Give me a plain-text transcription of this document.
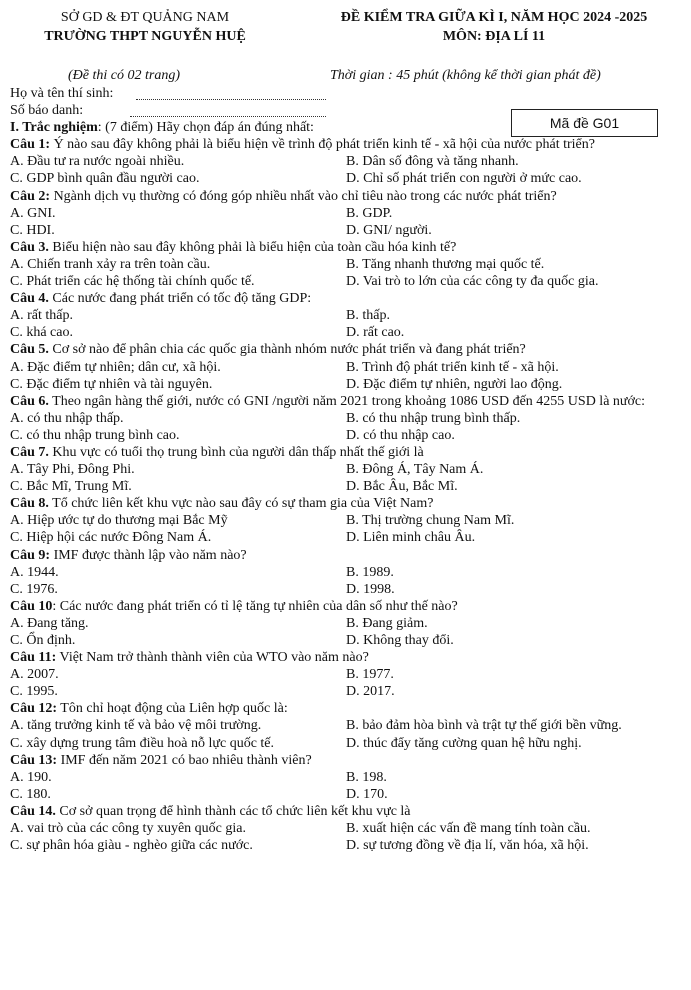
SỞ GD & ĐT QUẢNG NAM
TRƯỜNG THPT NGUYỄN HUỆ
ĐỀ KIỂM TRA GIỮA KÌ I, NĂM HỌC 2024 -2025
MÔN: ĐỊA LÍ 11
(Đề thi có 02 trang)	Thời gian : 45 phút (không kể thời gian phát đề)
Mã đề G01
Họ và tên thí sinh:
Số báo danh:
I. Trắc nghiệm: (7 điểm) Hãy chọn đáp án đúng nhất:
Câu 1: Ý nào sau đây không phải là biểu hiện về trình độ phát triển kinh tế - xã hội của nước phát triển?
A. Đầu tư ra nước ngoài nhiều.	B. Dân số đông và tăng nhanh.
C. GDP bình quân đầu người cao.	D. Chỉ số phát triển con người ở mức cao.
Câu 2: Ngành dịch vụ thường có đóng góp nhiều nhất vào chỉ tiêu nào trong các nước phát triển?
A. GNI.	B. GDP.
C. HDI.	D. GNI/ người.
Câu 3. Biểu hiện nào sau đây không phải là biểu hiện của toàn cầu hóa kinh tế?
A. Chiến tranh xảy ra trên toàn cầu.	B. Tăng nhanh thương mại quốc tế.
C. Phát triển các hệ thống tài chính quốc tế.	D. Vai trò to lớn của các công ty đa quốc gia.
Câu 4. Các nước đang phát triển có tốc độ tăng GDP:
A. rất thấp.	B. thấp.
C. khá cao.	D. rất cao.
Câu 5. Cơ sở nào để phân chia các quốc gia thành nhóm nước phát triển và đang phát triển?
A. Đặc điểm tự nhiên; dân cư, xã hội.	B. Trình độ phát triển kinh tế - xã hội.
C. Đặc điểm tự nhiên và tài nguyên.	D. Đặc điểm tự nhiên, người lao động.
Câu 6. Theo ngân hàng thế giới, nước có GNI /người năm 2021 trong khoảng 1086 USD đến 4255 USD là nước:
A. có thu nhập thấp.	B. có thu nhập trung bình thấp.
C. có thu nhập trung bình cao.	D. có thu nhập cao.
Câu 7. Khu vực có tuổi thọ trung bình của người dân thấp nhất thế giới là
A. Tây Phi, Đông Phi.	B. Đông Á, Tây Nam Á.
C. Bắc Mĩ, Trung Mĩ.	D. Bắc Âu, Bắc Mĩ.
Câu 8. Tổ chức liên kết khu vực nào sau đây có sự tham gia của Việt Nam?
A. Hiệp ước tự do thương mại Bắc Mỹ	B. Thị trường chung Nam Mĩ.
C. Hiệp hội các nước Đông Nam Á.	D. Liên minh châu Âu.
Câu 9: IMF được thành lập vào năm nào?
A. 1944.	B. 1989.
C. 1976.	D. 1998.
Câu 10: Các nước đang phát triển có tỉ lệ tăng tự nhiên của dân số như thế nào?
A. Đang tăng.	B. Đang giảm.
C. Ổn định.	D. Không thay đổi.
Câu 11: Việt Nam trở thành thành viên của WTO vào năm nào?
A. 2007.	B. 1977.
C. 1995.	D. 2017.
Câu 12: Tôn chỉ hoạt động của Liên hợp quốc là:
A. tăng trưởng kinh tế và bảo vệ môi trường.	B. bảo đảm hòa bình và trật tự thế giới bền vững.
C. xây dựng trung tâm điều hoà nỗ lực quốc tế.	D. thúc đẩy tăng cường quan hệ hữu nghị.
Câu 13: IMF đến năm 2021 có bao nhiêu thành viên?
A. 190.	B. 198.
C. 180.	D. 170.
Câu 14. Cơ sở quan trọng để hình thành các tổ chức liên kết khu vực là
A. vai trò của các công ty xuyên quốc gia.	B. xuất hiện các vấn đề mang tính toàn cầu.
C. sự phân hóa giàu - nghèo giữa các nước.	D. sự tương đồng về địa lí, văn hóa, xã hội.
